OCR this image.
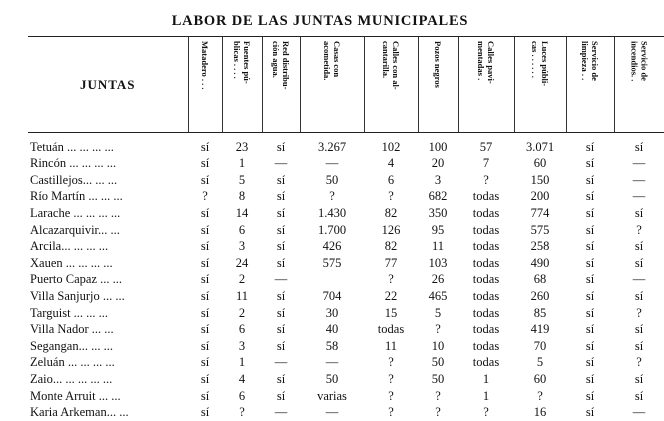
LABOR DE LAS JUNTAS MUNICIPALES
JUNTAS	Matadero . . .	Fuentes pú-
blicas . . . .	Red distribu-
ción agua.	Casas con
acometida.	Calles con al-
cantarilla.	Pozos negros	Calles pavi-
mentadas .	Luces públi-
cas . . . . . .	Servicio de
limpieza . .	Servicio de
incendios. .

Tetuán ... ... ... ...	sí	23	sí	3.267	102	100	57	3.071	sí	sí
Rincón ... ... ... ...	sí	1	—	—	4	20	7	60	sí	—
Castillejos... ... ...	sí	5	sí	50	6	3	?	150	sí	—
Río Martín ... ... ...	?	8	sí	?	?	682	todas	200	sí	—
Larache ... ... ... ...	sí	14	sí	1.430	82	350	todas	774	sí	sí
Alcazarquivir... ...	sí	6	sí	1.700	126	95	todas	575	sí	?
Arcila... ... ... ...	sí	3	sí	426	82	11	todas	258	sí	sí
Xauen ... ... ... ...	sí	24	sí	575	77	103	todas	490	sí	sí
Puerto Capaz ... ...	sí	2	—		?	26	todas	68	sí	—
Villa Sanjurjo ... ...	sí	11	sí	704	22	465	todas	260	sí	sí
Targuist ... ... ...	sí	2	sí	30	15	5	todas	85	sí	?
Villa Nador ... ...	sí	6	sí	40	todas	?	todas	419	sí	sí
Segangan... ... ...	sí	3	sí	58	11	10	todas	70	sí	sí
Zeluán ... ... ... ...	sí	1	—	—	?	50	todas	5	sí	?
Zaio... ... ... ... ...	sí	4	sí	50	?	50	1	60	sí	sí
Monte Arruit ... ...	sí	6	sí	varias	?	?	1	?	sí	sí
Karia Arkeman... ...	sí	?	—	—	?	?	?	16	sí	—
